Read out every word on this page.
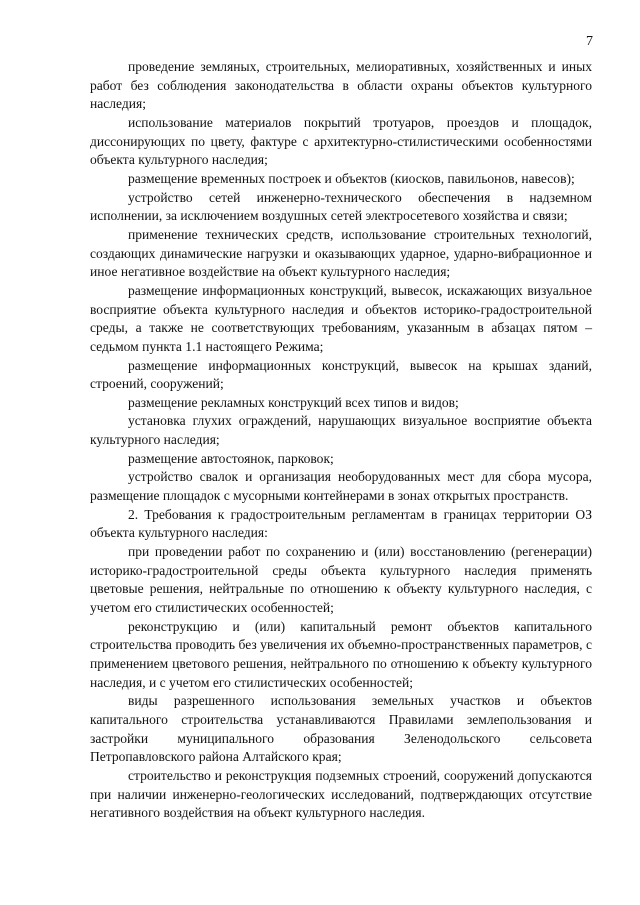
7

проведение земляных, строительных, мелиоративных, хозяйственных и иных работ без соблюдения законодательства в области охраны объектов культурного наследия;

использование материалов покрытий тротуаров, проездов и площадок, диссонирующих по цвету, фактуре с архитектурно-стилистическими особенностями объекта культурного наследия;

размещение временных построек и объектов (киосков, павильонов, навесов);

устройство сетей инженерно-технического обеспечения в надземном исполнении, за исключением воздушных сетей электросетевого хозяйства и связи;

применение технических средств, использование строительных технологий, создающих динамические нагрузки и оказывающих ударное, ударно-вибрационное и иное негативное воздействие на объект культурного наследия;

размещение информационных конструкций, вывесок, искажающих визуальное восприятие объекта культурного наследия и объектов историко-градостроительной среды, а также не соответствующих требованиям, указанным в абзацах пятом – седьмом пункта 1.1 настоящего Режима;

размещение информационных конструкций, вывесок на крышах зданий, строений, сооружений;

размещение рекламных конструкций всех типов и видов;

установка глухих ограждений, нарушающих визуальное восприятие объекта культурного наследия;

размещение автостоянок, парковок;

устройство свалок и организация необорудованных мест для сбора мусора, размещение площадок с мусорными контейнерами в зонах открытых пространств.

2. Требования к градостроительным регламентам в границах территории ОЗ объекта культурного наследия:

при проведении работ по сохранению и (или) восстановлению (регенерации) историко-градостроительной среды объекта культурного наследия применять цветовые решения, нейтральные по отношению к объекту культурного наследия, с учетом его стилистических особенностей;

реконструкцию и (или) капитальный ремонт объектов капитального строительства проводить без увеличения их объемно-пространственных параметров, с применением цветового решения, нейтрального по отношению к объекту культурного наследия, и с учетом его стилистических особенностей;

виды разрешенного использования земельных участков и объектов капитального строительства устанавливаются Правилами землепользования и застройки муниципального образования Зеленодольского сельсовета Петропавловского района Алтайского края;

строительство и реконструкция подземных строений, сооружений допускаются при наличии инженерно-геологических исследований, подтверждающих отсутствие негативного воздействия на объект культурного наследия.
